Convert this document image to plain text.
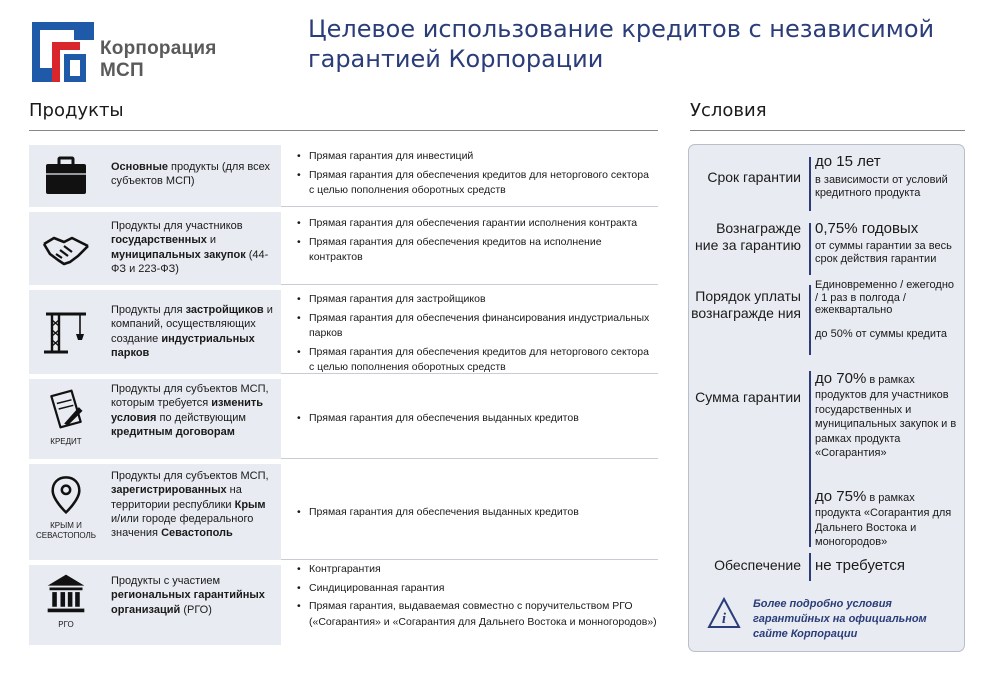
Корпорация
МСП
Целевое использование кредитов с независимой гарантией Корпорации
Продукты	Условия
Основные продукты (для всех субъектов МСП)
• Прямая гарантия для инвестиций
• Прямая гарантия для обеспечения кредитов для неторгового сектора с целью пополнения оборотных средств
Продукты для участников государственных и муниципальных закупок (44-ФЗ и 223-ФЗ)
• Прямая гарантия для обеспечения гарантии исполнения контракта
• Прямая гарантия для обеспечения кредитов на исполнение контрактов
Продукты для застройщиков и компаний, осуществляющих создание индустриальных парков
• Прямая гарантия для застройщиков
• Прямая гарантия для обеспечения финансирования индустриальных парков
• Прямая гарантия для обеспечения кредитов для неторгового сектора с целью пополнения оборотных средств
КРЕДИТ
Продукты для субъектов МСП, которым требуется изменить условия по действующим кредитным договорам
• Прямая гарантия для обеспечения выданных кредитов
КРЫМ И СЕВАСТОПОЛЬ
Продукты для субъектов МСП, зарегистрированных на территории республики Крым и/или городе федерального значения Севастополь
• Прямая гарантия для обеспечения выданных кредитов
РГО
Продукты с участием региональных гарантийных организаций (РГО)
• Контргарантия
• Синдицированная гарантия
• Прямая гарантия, выдаваемая совместно с поручительством РГО («Согарантия» и «Согарантия для Дальнего Востока и монногородов»)
Срок гарантии
до 15 лет
в зависимости от условий кредитного продукта
Вознагражде ние за гарантию
0,75% годовых
от суммы гарантии за весь срок действия гарантии
Порядок уплаты вознагражде ния
Единовременно / ежегодно / 1 раз в полгода / ежеквартально
до 50% от суммы кредита
Сумма гарантии
до 70% в рамках
продуктов для участников государственных и муниципальных закупок и в рамках продукта «Согарантия»
до 75% в рамках
продукта «Согарантия для Дальнего Востока и моногородов»
Обеспечение не требуется
i
Более подробно условия гарантийных на официальном сайте Корпорации
